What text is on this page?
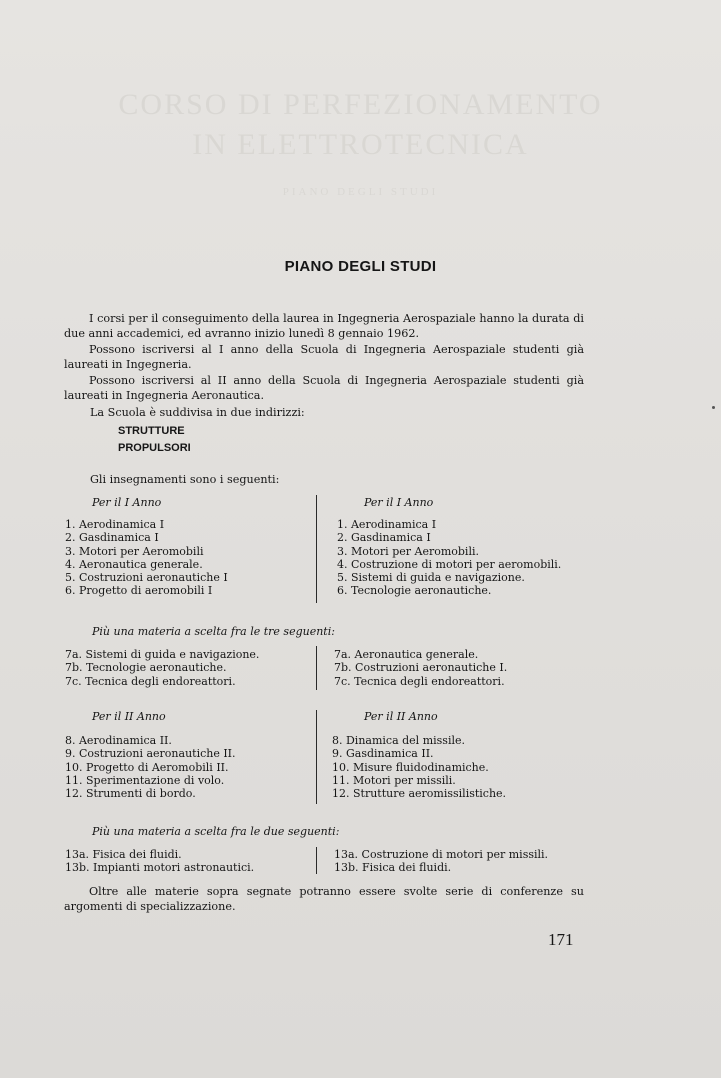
CORSO DI PERFEZIONAMENTO
IN ELETTROTECNICA
PIANO DEGLI STUDI
PIANO DEGLI STUDI

I corsi per il conseguimento della laurea in Ingegneria Aerospaziale hanno la durata di due anni accademici, ed avranno inizio lunedì 8 gennaio 1962.

Possono iscriversi al I anno della Scuola di Ingegneria Aerospaziale studenti già laureati in Ingegneria.

Possono iscriversi al II anno della Scuola di Ingegneria Aerospaziale studenti già laureati in Ingegneria Aeronautica.

La Scuola è suddivisa in due indirizzi:
STRUTTURE
PROPULSORI
Gli insegnamenti sono i seguenti:
Per il I Anno	Per il I Anno
1. Aerodinamica I
2. Gasdinamica I
3. Motori per Aeromobili
4. Aeronautica generale.
5. Costruzioni aeronautiche I
6. Progetto di aeromobili I
1. Aerodinamica I
2. Gasdinamica I
3. Motori per Aeromobili.
4. Costruzione di motori per aeromobili.
5. Sistemi di guida e navigazione.
6. Tecnologie aeronautiche.
Più una materia a scelta fra le tre seguenti:
7a. Sistemi di guida e navigazione.
7b. Tecnologie aeronautiche.
7c. Tecnica degli endoreattori.
7a. Aeronautica generale.
7b. Costruzioni aeronautiche I.
7c. Tecnica degli endoreattori.
Per il II Anno	Per il II Anno
8. Aerodinamica II.
9. Costruzioni aeronautiche II.
10. Progetto di Aeromobili II.
11. Sperimentazione di volo.
12. Strumenti di bordo.
8. Dinamica del missile.
9. Gasdinamica II.
10. Misure fluidodinamiche.
11. Motori per missili.
12. Strutture aeromissilistiche.
Più una materia a scelta fra le due seguenti:
13a. Fisica dei fluidi.
13b. Impianti motori astronautici.
13a. Costruzione di motori per missili.
13b. Fisica dei fluidi.

Oltre alle materie sopra segnate potranno essere svolte serie di conferenze su argomenti di specializzazione.

171
